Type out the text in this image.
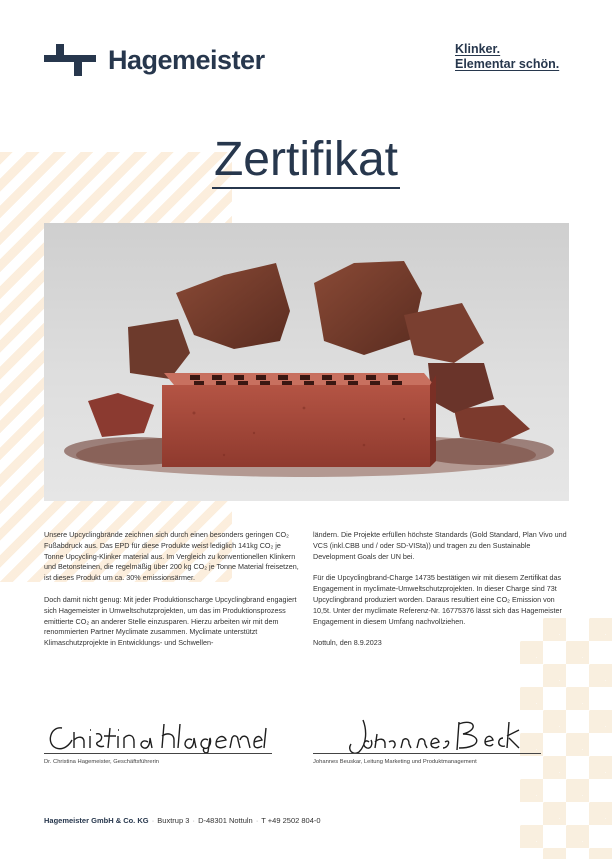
Hagemeister	Klinker.
Elementar schön.
Zertifikat

Unsere Upcyclingbrände zeichnen sich durch einen besonders geringen CO₂ Fußabdruck aus. Das EPD für diese Produkte weist lediglich 141kg CO₂ je Tonne Upcycling-Klinker material aus. Im Vergleich zu konventionellen Klinkern und Betonsteinen, die regelmäßig über 200 kg CO₂ je Tonne Material freisetzen, ist dieses Produkt um ca. 30% emissionsärmer.

Doch damit nicht genug: Mit jeder Produktionscharge Upcyclingbrand engagiert sich Hagemeister in Umweltschutzprojekten, um das im Produktionsprozess emittierte CO₂ an anderer Stelle einzusparen. Hierzu arbeiten wir mit dem renommierten Partner Myclimate zusammen. Myclimate unterstützt Klimaschutzprojekte in Entwicklungs- und Schwellen-

ländern. Die Projekte erfüllen höchste Standards (Gold Standard, Plan Vivo und VCS (inkl.CBB und / oder SD-VISta)) und tragen zu den Sustainable Development Goals der UN bei.

Für die Upcyclingbrand-Charge 14735 bestätigen wir mit diesem Zertifikat das Engagement in myclimate-Umweltschutzprojekten. In dieser Charge sind 73t Upcyclingbrand produziert worden. Daraus resultiert eine CO₂ Emission von 10,5t. Unter der myclimate Referenz-Nr. 16775376 lässt sich das Hagemeister Engagement in diesem Umfang nachvollziehen.

Nottuln, den 8.9.2023

Dr. Christina Hagemeister, Geschäftsführerin	Johannes Beuskar, Leitung Marketing und Produktmanagement
Hagemeister GmbH & Co. KG · Buxtrup 3 · D-48301 Nottuln · T +49 2502 804-0
